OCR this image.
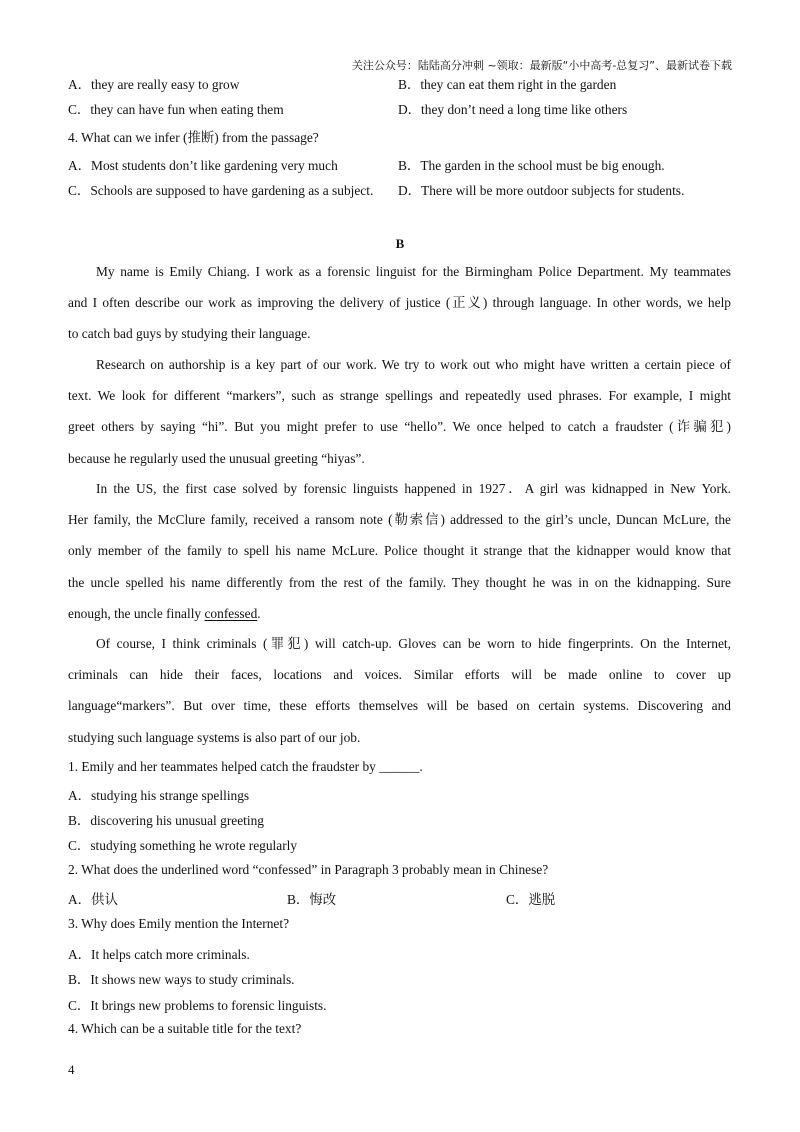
关注公众号：陆陆高分冲刺 ~领取：最新版“小中高考-总复习”、最新试卷下载
A．they are really easy to grow	B．they can eat them right in the garden
C．they can have fun when eating them	D．they don’t need a long time like others
4. What can we infer (推断) from the passage?
A．Most students don’t like gardening very much	B．The garden in the school must be big enough.
C．Schools are supposed to have gardening as a subject. D．There will be more outdoor subjects for students.
B
My name is Emily Chiang. I work as a forensic linguist for the Birmingham Police Department. My teammates
and I often describe our work as improving the delivery of justice (正义) through language. In other words, we help
to catch bad guys by studying their language.
Research on authorship is a key part of our work. We try to work out who might have written a certain piece of
text. We look for different “markers”, such as strange spellings and repeatedly used phrases. For example, I might
greet others by saying “hi”. But you might prefer to use “hello”. We once helped to catch a fraudster (诈骗犯)
because he regularly used the unusual greeting “hiyas”.
In the US, the first case solved by forensic linguists happened in 1927．A girl was kidnapped in New York.
Her family, the McClure family, received a ransom note (勒索信) addressed to the girl’s uncle, Duncan McLure, the
only member of the family to spell his name McLure. Police thought it strange that the kidnapper would know that
the uncle spelled his name differently from the rest of the family. They thought he was in on the kidnapping. Sure
enough, the uncle finally confessed.
Of course, I think criminals (罪犯) will catch-up. Gloves can be worn to hide fingerprints. On the Internet,
criminals can hide their faces, locations and voices. Similar efforts will be made online to cover up
language“markers”. But over time, these efforts themselves will be based on certain systems. Discovering and
studying such language systems is also part of our job.
1. Emily and her teammates helped catch the fraudster by ______.
A．studying his strange spellings
B．discovering his unusual greeting
C．studying something he wrote regularly
2. What does the underlined word “confessed” in Paragraph 3 probably mean in Chinese?
A．供认	B．悔改	C．逃脱
3. Why does Emily mention the Internet?
A．It helps catch more criminals.
B．It shows new ways to study criminals.
C．It brings new problems to forensic linguists.
4. Which can be a suitable title for the text?
4
